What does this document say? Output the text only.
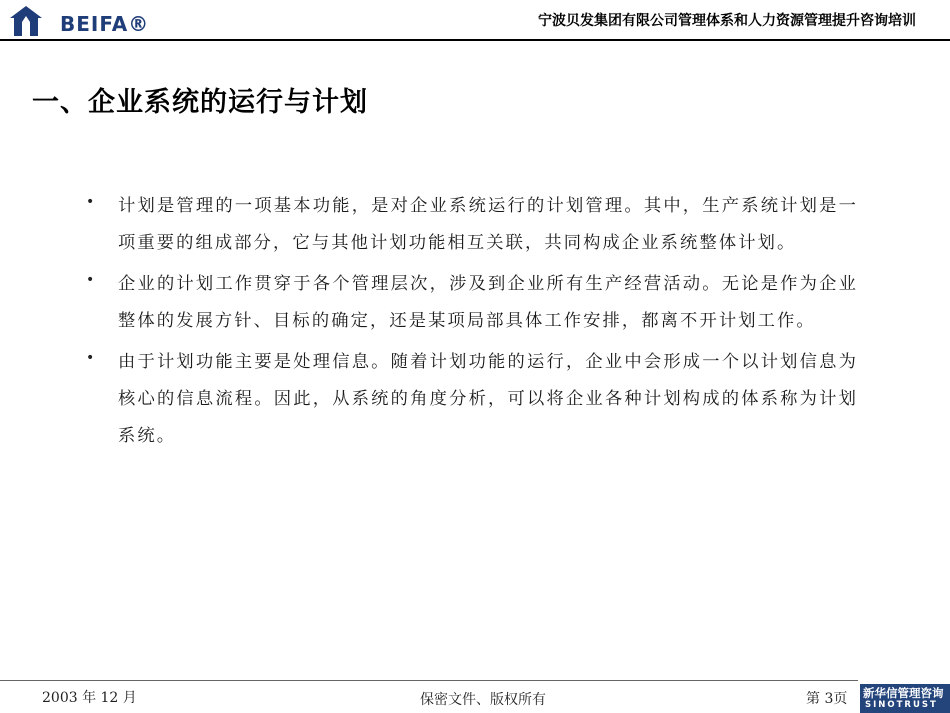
BEIFA®	宁波贝发集团有限公司管理体系和人力资源管理提升咨询培训
一、企业系统的运行与计划
• 计划是管理的一项基本功能，是对企业系统运行的计划管理。其中，生产系统计划是一项重要的组成部分，它与其他计划功能相互关联，共同构成企业系统整体计划。
• 企业的计划工作贯穿于各个管理层次，涉及到企业所有生产经营活动。无论是作为企业整体的发展方针、目标的确定，还是某项局部具体工作安排，都离不开计划工作。
• 由于计划功能主要是处理信息。随着计划功能的运行，企业中会形成一个以计划信息为核心的信息流程。因此，从系统的角度分析，可以将企业各种计划构成的体系称为计划系统。
2003 年 12 月	保密文件、版权所有	第 3页 新华信管理咨询
SINOTRUST
